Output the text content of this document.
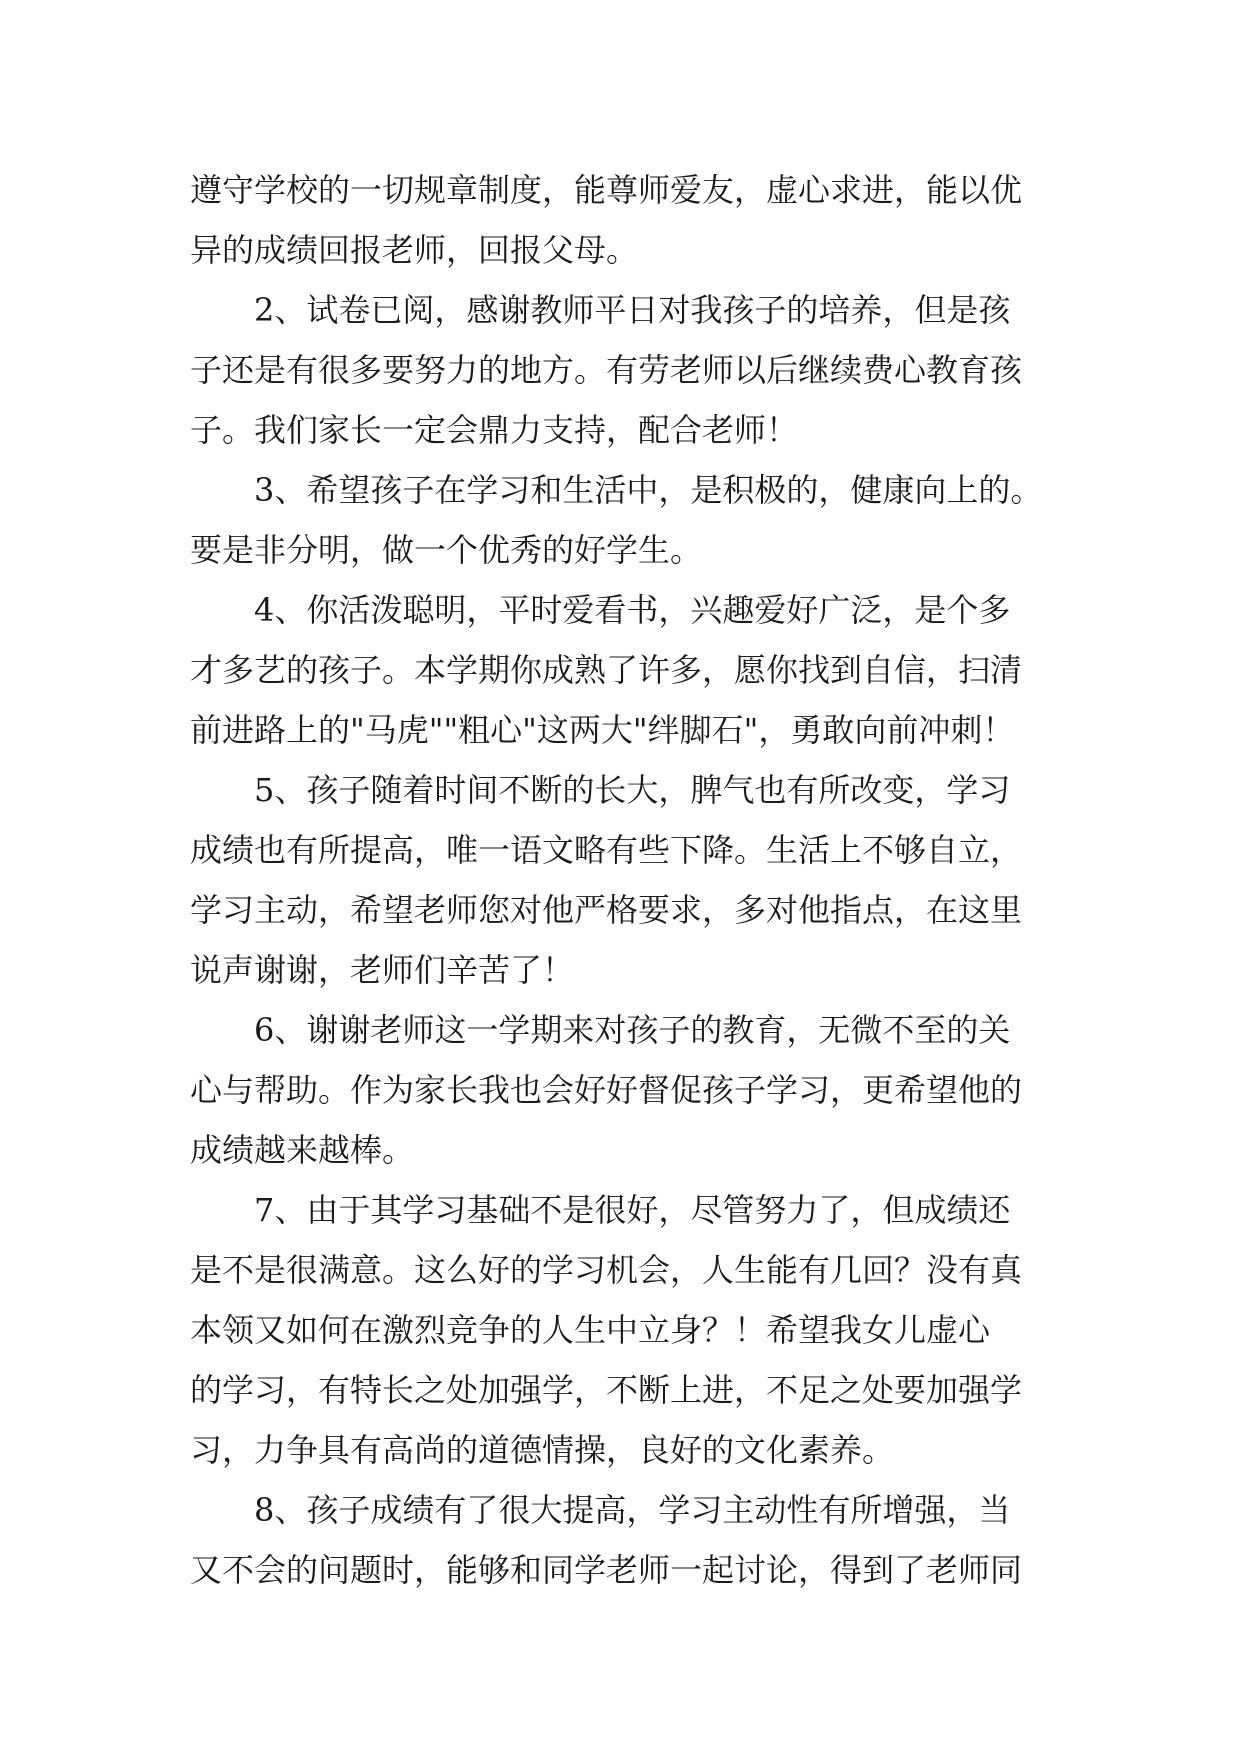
遵守学校的一切规章制度，能尊师爱友，虚心求进，能以优
异的成绩回报老师，回报父母。
2、试卷已阅，感谢教师平日对我孩子的培养，但是孩
子还是有很多要努力的地方。有劳老师以后继续费心教育孩
子。我们家长一定会鼎力支持，配合老师！
3、希望孩子在学习和生活中，是积极的，健康向上的。
要是非分明，做一个优秀的好学生。
4、你活泼聪明，平时爱看书，兴趣爱好广泛，是个多
才多艺的孩子。本学期你成熟了许多，愿你找到自信，扫清
前进路上的"马虎""粗心"这两大"绊脚石"，勇敢向前冲刺！
5、孩子随着时间不断的长大，脾气也有所改变，学习
成绩也有所提高，唯一语文略有些下降。生活上不够自立，
学习主动，希望老师您对他严格要求，多对他指点，在这里
说声谢谢，老师们辛苦了！
6、谢谢老师这一学期来对孩子的教育，无微不至的关
心与帮助。作为家长我也会好好督促孩子学习，更希望他的
成绩越来越棒。
7、由于其学习基础不是很好，尽管努力了，但成绩还
是不是很满意。这么好的学习机会，人生能有几回？没有真
本领又如何在激烈竞争的人生中立身？！希望我女儿虚心
的学习，有特长之处加强学，不断上进，不足之处要加强学
习，力争具有高尚的道德情操，良好的文化素养。
8、孩子成绩有了很大提高，学习主动性有所增强，当
又不会的问题时，能够和同学老师一起讨论，得到了老师同
